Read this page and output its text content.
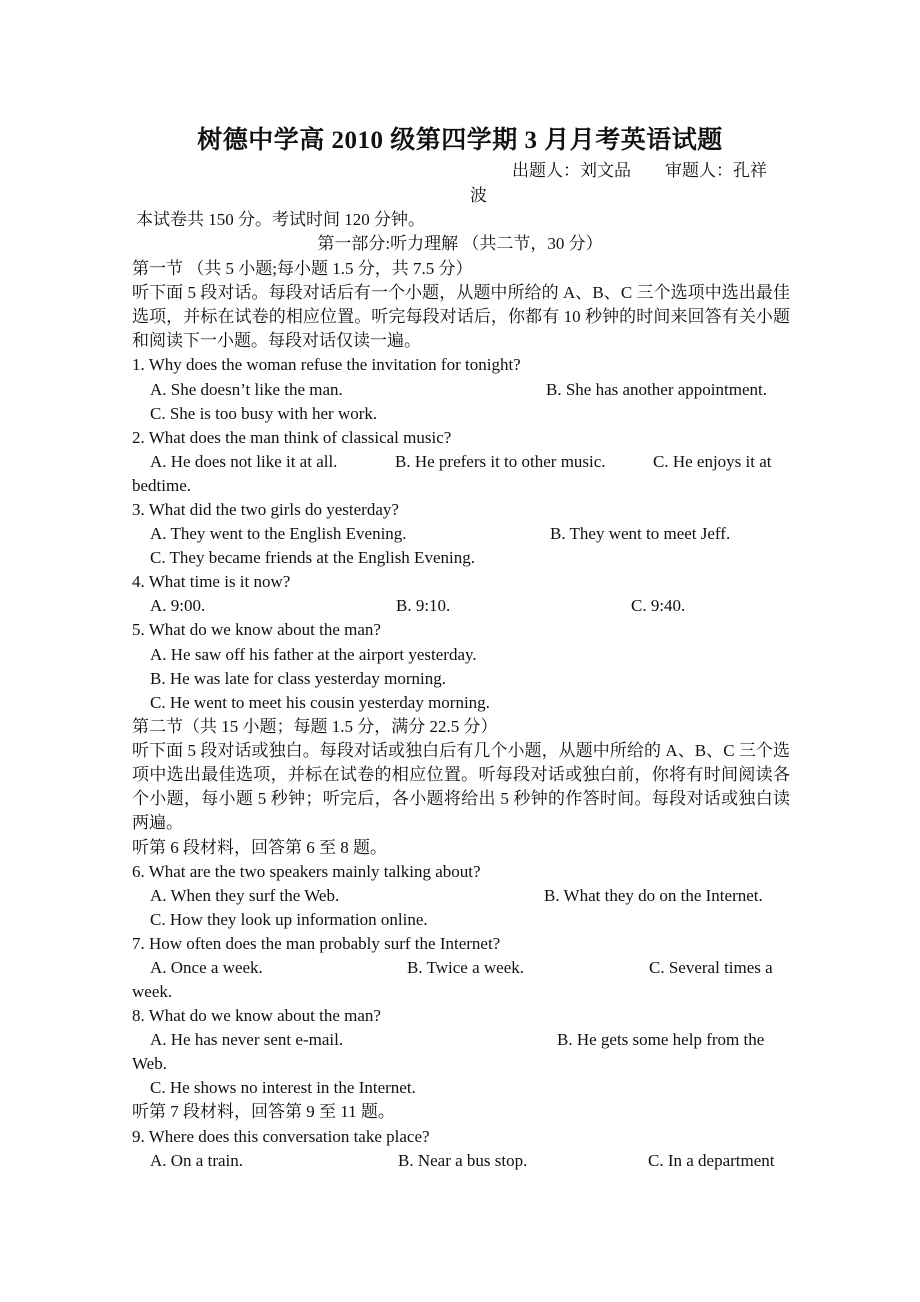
树德中学高 2010 级第四学期 3 月月考英语试题
出题人：刘文品　　审题人：孔祥
波
本试卷共 150 分。考试时间 120 分钟。
第一部分:听力理解 （共二节，30 分）
第一节 （共 5 小题;每小题 1.5 分，共 7.5 分）
听下面 5 段对话。每段对话后有一个小题，从题中所给的 A、B、C 三个选项中选出最佳选项，并标在试卷的相应位置。听完每段对话后，你都有 10 秒钟的时间来回答有关小题和阅读下一小题。每段对话仅读一遍。
1. Why does the woman refuse the invitation for tonight?
A. She doesn’t like the man.	B. She has another appointment.
C. She is too busy with her work.
2. What does the man think of classical music?
A. He does not like it at all.	B. He prefers it to other music.	C. He enjoys it at
bedtime.
3. What did the two girls do yesterday?
A. They went to the English Evening.	B. They went to meet Jeff.
C. They became friends at the English Evening.
4. What time is it now?
A. 9:00.	B. 9:10.	C. 9:40.
5. What do we know about the man?
A. He saw off his father at the airport yesterday.
B. He was late for class yesterday morning.
C. He went to meet his cousin yesterday morning.
第二节（共 15 小题；每题 1.5 分，满分 22.5 分）
听下面 5 段对话或独白。每段对话或独白后有几个小题，从题中所给的 A、B、C 三个选项中选出最佳选项，并标在试卷的相应位置。听每段对话或独白前，你将有时间阅读各个小题，每小题 5 秒钟；听完后，各小题将给出 5 秒钟的作答时间。每段对话或独白读两遍。
听第 6 段材料，回答第 6 至 8 题。
6. What are the two speakers mainly talking about?
A. When they surf the Web.	B. What they do on the Internet.
C. How they look up information online.
7. How often does the man probably surf the Internet?
A. Once a week.	B. Twice a week.	C. Several times a
week.
8. What do we know about the man?
A. He has never sent e-mail.	B. He gets some help from the
Web.
C. He shows no interest in the Internet.
听第 7 段材料，回答第 9 至 11 题。
9. Where does this conversation take place?
A. On a train.	B. Near a bus stop.	C. In a department
